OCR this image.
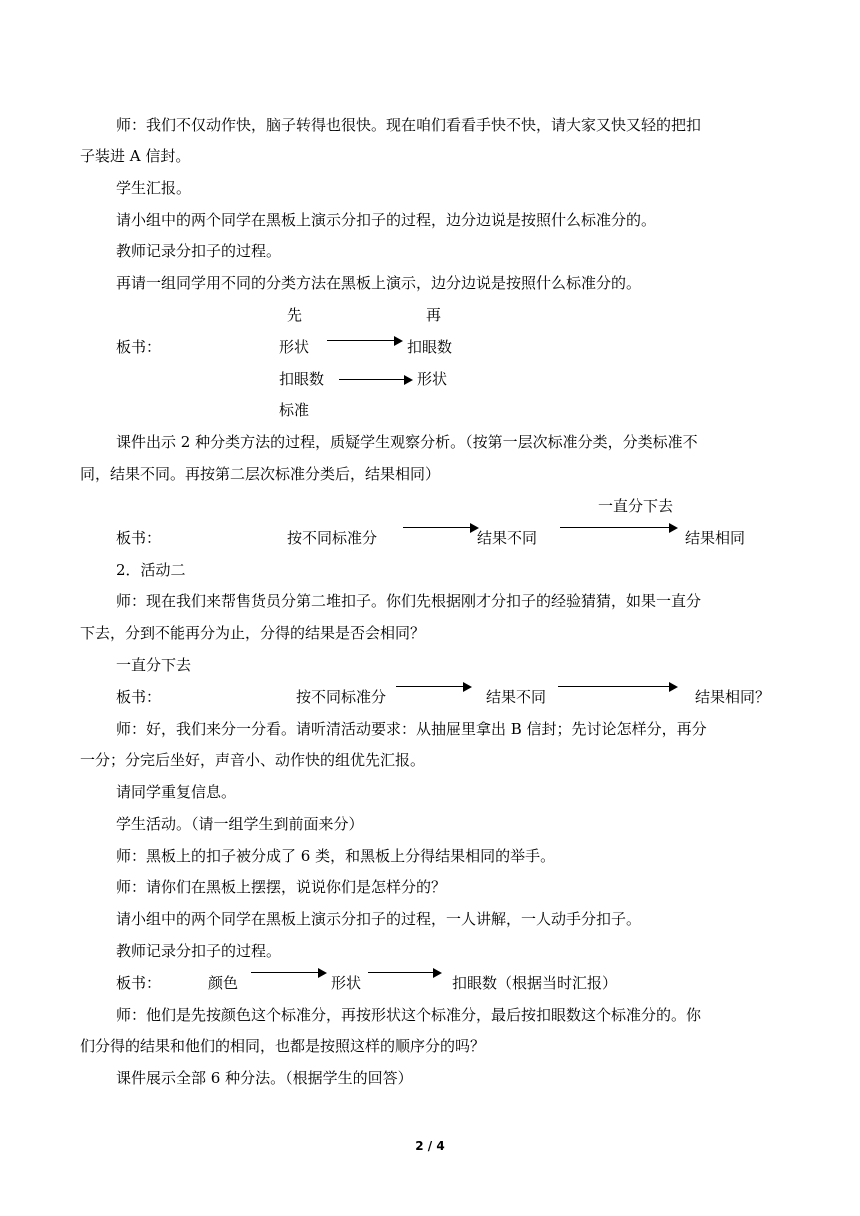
师：我们不仅动作快，脑子转得也很快。现在咱们看看手快不快，请大家又快又轻的把扣
子装进 A 信封。
学生汇报。
请小组中的两个同学在黑板上演示分扣子的过程，边分边说是按照什么标准分的。
教师记录分扣子的过程。
再请一组同学用不同的分类方法在黑板上演示，边分边说是按照什么标准分的。
先	再
板书：	形状	扣眼数
扣眼数	形状
标准
课件出示 2 种分类方法的过程，质疑学生观察分析。（按第一层次标准分类，分类标准不
同，结果不同。再按第二层次标准分类后，结果相同）
一直分下去
板书：	按不同标准分	结果不同	结果相同
2．活动二
师：现在我们来帮售货员分第二堆扣子。你们先根据刚才分扣子的经验猜猜，如果一直分
下去，分到不能再分为止，分得的结果是否会相同？
一直分下去
板书：	按不同标准分	结果不同	结果相同？
师：好，我们来分一分看。请听清活动要求：从抽屉里拿出 B 信封；先讨论怎样分，再分
一分；分完后坐好，声音小、动作快的组优先汇报。
请同学重复信息。
学生活动。（请一组学生到前面来分）
师：黑板上的扣子被分成了 6 类，和黑板上分得结果相同的举手。
师：请你们在黑板上摆摆，说说你们是怎样分的？
请小组中的两个同学在黑板上演示分扣子的过程，一人讲解，一人动手分扣子。
教师记录分扣子的过程。
板书：	颜色	形状	扣眼数（根据当时汇报）
师：他们是先按颜色这个标准分，再按形状这个标准分，最后按扣眼数这个标准分的。你
们分得的结果和他们的相同，也都是按照这样的顺序分的吗？
课件展示全部 6 种分法。（根据学生的回答）
2 / 4
